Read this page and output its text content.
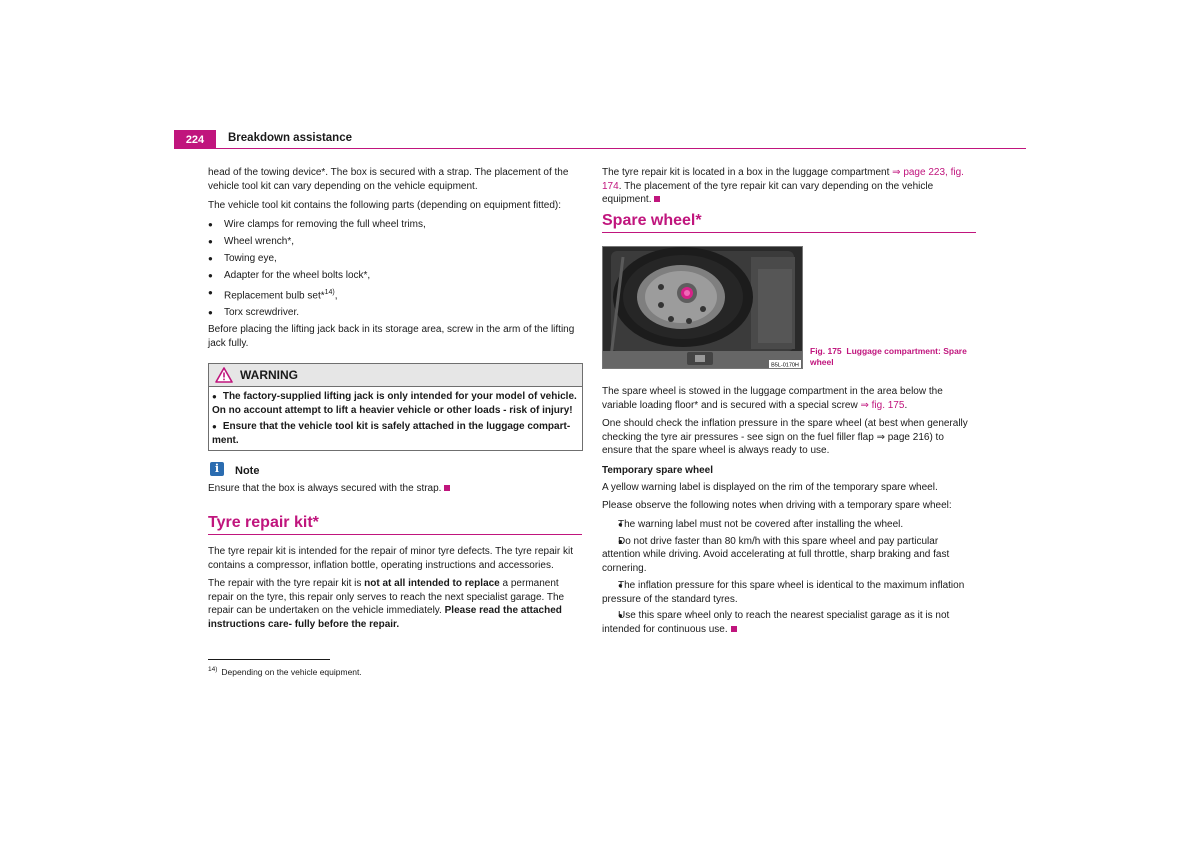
224	Breakdown assistance

head of the towing device*. The box is secured with a strap. The placement of the vehicle tool kit can vary depending on the vehicle equipment.

The vehicle tool kit contains the following parts (depending on equipment fitted):

● Wire clamps for removing the full wheel trims,
● Wheel wrench*,
● Towing eye,
● Adapter for the wheel bolts lock*,
● Replacement bulb set*$^{14)}$,
● Torx screwdriver.

Before placing the lifting jack back in its storage area, screw in the arm of the lifting jack fully.

WARNING

● The factory-supplied lifting jack is only intended for your model of vehicle. On no account attempt to lift a heavier vehicle or other loads - risk of injury!

● Ensure that the vehicle tool kit is safely attached in the luggage compart- ment.

i	Note

Ensure that the box is always secured with the strap.

Tyre repair kit*

The tyre repair kit is intended for the repair of minor tyre defects. The tyre repair kit contains a compressor, inflation bottle, operating instructions and accessories.

The repair with the tyre repair kit is not at all intended to replace a permanent repair on the tyre, this repair only serves to reach the next specialist garage. The repair can be undertaken on the vehicle immediately. Please read the attached instructions care- fully before the repair.

$^{14)}$ Depending on the vehicle equipment.

The tyre repair kit is located in a box in the luggage compartment ⇒ page 223, fig. 174. The placement of the tyre repair kit can vary depending on the vehicle equipment.

Spare wheel*
B5L-0170H
Fig. 175 Luggage compartment: Spare wheel

The spare wheel is stowed in the luggage compartment in the area below the variable loading floor* and is secured with a special screw ⇒ fig. 175.

One should check the inflation pressure in the spare wheel (at best when generally checking the tyre air pressures - see sign on the fuel filler flap ⇒ page 216) to ensure that the spare wheel is always ready to use.

Temporary spare wheel

A yellow warning label is displayed on the rim of the temporary spare wheel.

Please observe the following notes when driving with a temporary spare wheel:

● The warning label must not be covered after installing the wheel.
● Do not drive faster than 80 km/h with this spare wheel and pay particular attention while driving. Avoid accelerating at full throttle, sharp braking and fast cornering.
● The inflation pressure for this spare wheel is identical to the maximum inflation pressure of the standard tyres.
● Use this spare wheel only to reach the nearest specialist garage as it is not intended for continuous use.
